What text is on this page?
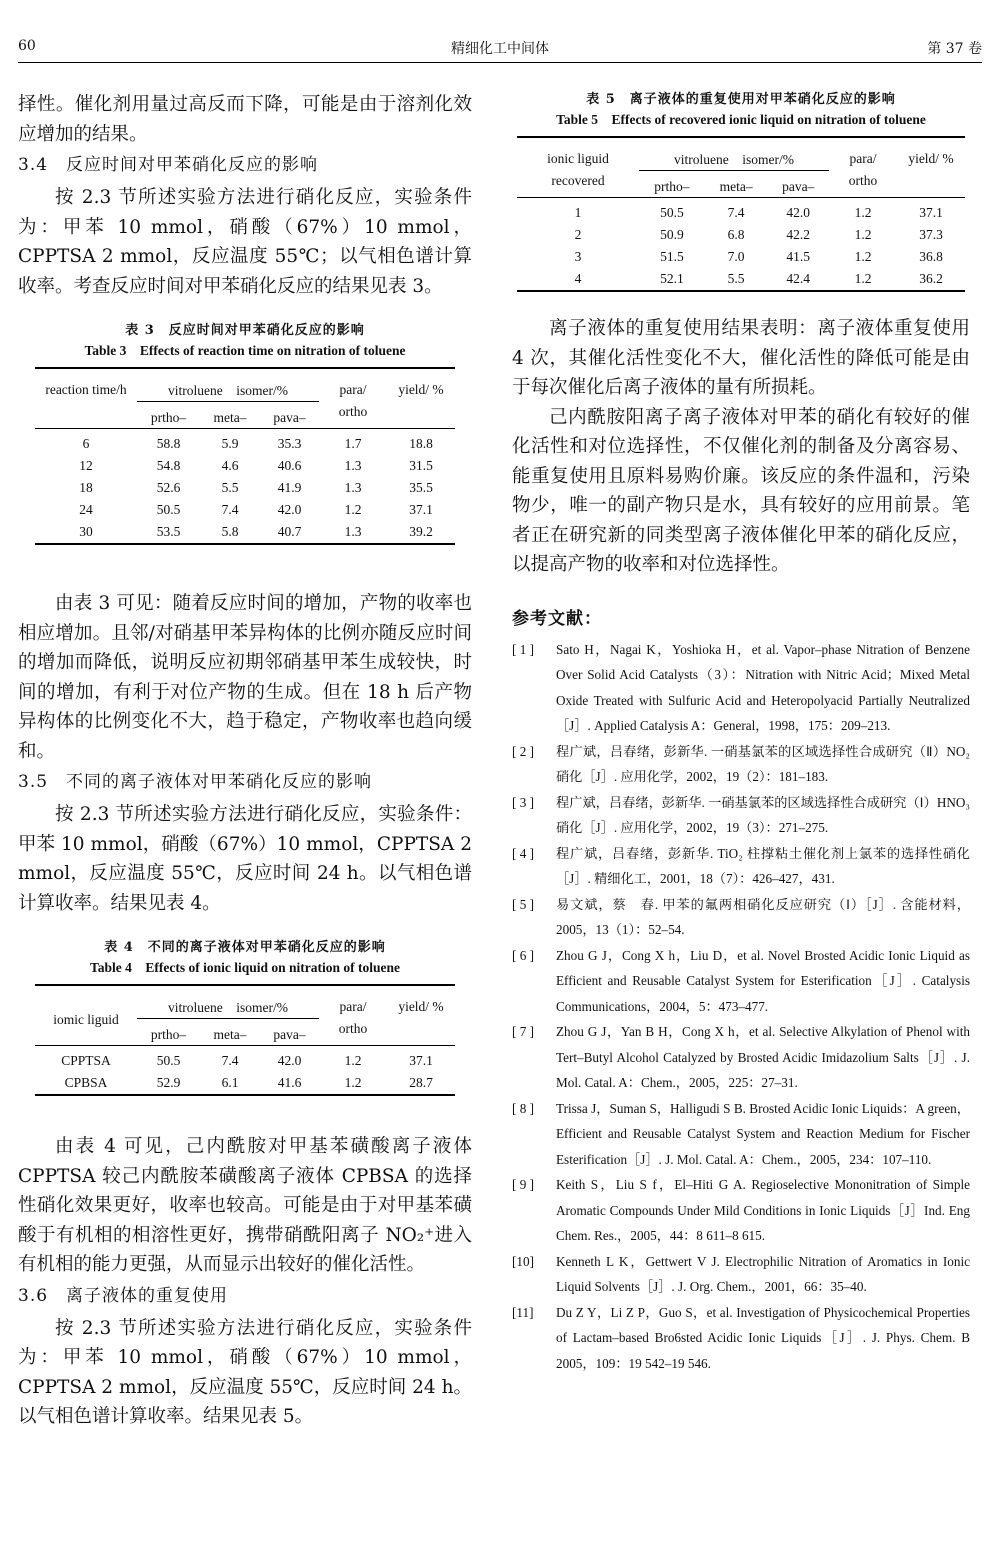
60	精细化工中间体	第 37 卷

择性。催化剂用量过高反而下降，可能是由于溶剂化效应增加的结果。

3.4　反应时间对甲苯硝化反应的影响

按 2.3 节所述实验方法进行硝化反应，实验条件为：甲苯 10 mmol，硝酸（67%）10 mmol，CPPTSA 2 mmol，反应温度 55℃；以气相色谱计算收率。考查反应时间对甲苯硝化反应的结果见表 3。

表 3　反应时间对甲苯硝化反应的影响
Table 3　Effects of reaction time on nitration of toluene
reaction time/h	vitroluene　isomer/%			para/ ortho	yield/ %
	prtho–	meta–	pava–		

6	58.8	5.9	35.3	1.7	18.8
12	54.8	4.6	40.6	1.3	31.5
18	52.6	5.5	41.9	1.3	35.5
24	50.5	7.4	42.0	1.2	37.1
30	53.5	5.8	40.7	1.3	39.2

由表 3 可见：随着反应时间的增加，产物的收率也相应增加。且邻/对硝基甲苯异构体的比例亦随反应时间的增加而降低，说明反应初期邻硝基甲苯生成较快，时间的增加，有利于对位产物的生成。但在 18 h 后产物异构体的比例变化不大，趋于稳定，产物收率也趋向缓和。

3.5　不同的离子液体对甲苯硝化反应的影响

按 2.3 节所述实验方法进行硝化反应，实验条件：甲苯 10 mmol，硝酸（67%）10 mmol，CPPTSA 2 mmol，反应温度 55℃，反应时间 24 h。以气相色谱计算收率。结果见表 4。

表 4　不同的离子液体对甲苯硝化反应的影响
Table 4　Effects of ionic liquid on nitration of toluene
iomic liguid	vitroluene　isomer/%			para/ ortho	yield/ %
	prtho–	meta–	pava–		

CPPTSA	50.5	7.4	42.0	1.2	37.1
CPBSA	52.9	6.1	41.6	1.2	28.7

由表 4 可见，己内酰胺对甲基苯磺酸离子液体 CPPTSA 较己内酰胺苯磺酸离子液体 CPBSA 的选择性硝化效果更好，收率也较高。可能是由于对甲基苯磺酸于有机相的相溶性更好，携带硝酰阳离子 NO₂⁺进入有机相的能力更强，从而显示出较好的催化活性。

3.6　离子液体的重复使用

按 2.3 节所述实验方法进行硝化反应，实验条件为：甲苯 10 mmol，硝酸（67%）10 mmol，CPPTSA 2 mmol，反应温度 55℃，反应时间 24 h。以气相色谱计算收率。结果见表 5。

表 5　离子液体的重复使用对甲苯硝化反应的影响
Table 5　Effects of recovered ionic liquid on nitration of toluene
ionic liguid recovered	vitroluene　isomer/%			para/ ortho	yield/ %
	prtho–	meta–	pava–		

1	50.5	7.4	42.0	1.2	37.1
2	50.9	6.8	42.2	1.2	37.3
3	51.5	7.0	41.5	1.2	36.8
4	52.1	5.5	42.4	1.2	36.2

离子液体的重复使用结果表明：离子液体重复使用 4 次，其催化活性变化不大，催化活性的降低可能是由于每次催化后离子液体的量有所损耗。

己内酰胺阳离子离子液体对甲苯的硝化有较好的催化活性和对位选择性，不仅催化剂的制备及分离容易、能重复使用且原料易购价廉。该反应的条件温和，污染物少，唯一的副产物只是水，具有较好的应用前景。笔者正在研究新的同类型离子液体催化甲苯的硝化反应，以提高产物的收率和对位选择性。

参考文献：
[ 1 ] Sato H，Nagai K，Yoshioka H，et al. Vapor–phase Nitration of Benzene Over Solid Acid Catalysts（3）：Nitration with Nitric Acid；Mixed Metal Oxide Treated with Sulfuric Acid and Heteropolyacid Partially Neutralized［J］. Applied Catalysis A：General，1998，175：209–213.
[ 2 ] 程广斌，吕春绪，彭新华. 一硝基氯苯的区域选择性合成研究（Ⅱ）NO₂ 硝化［J］. 应用化学，2002，19（2）：181–183.
[ 3 ] 程广斌，吕春绪，彭新华. 一硝基氯苯的区域选择性合成研究（Ⅰ）HNO₃ 硝化［J］. 应用化学，2002，19（3）：271–275.
[ 4 ] 程广斌，吕春绪，彭新华. TiO₂ 柱撑粘土催化剂上氯苯的选择性硝化［J］. 精细化工，2001，18（7）：426–427，431.
[ 5 ] 易文斌，蔡　春. 甲苯的氟两相硝化反应研究（Ⅰ）［J］. 含能材料，2005，13（1）：52–54.
[ 6 ] Zhou G J，Cong X h，Liu D，et al. Novel Brosted Acidic Ionic Liquid as Efficient and Reusable Catalyst System for Esterification［J］. Catalysis Communications，2004，5：473–477.
[ 7 ] Zhou G J，Yan B H，Cong X h，et al. Selective Alkylation of Phenol with Tert–Butyl Alcohol Catalyzed by Brosted Acidic Imidazolium Salts［J］. J. Mol. Catal. A：Chem.，2005，225：27–31.
[ 8 ] Trissa J，Suman S，Halligudi S B. Brosted Acidic Ionic Liquids：A green，Efficient and Reusable Catalyst System and Reaction Medium for Fischer Esterification［J］. J. Mol. Catal. A：Chem.，2005，234：107–110.
[ 9 ] Keith S，Liu S f，El–Hiti G A. Regioselective Mononitration of Simple Aromatic Compounds Under Mild Conditions in Ionic Liquids［J］Ind. Eng Chem. Res.，2005，44：8 611–8 615.
[10] Kenneth L K，Gettwert V J. Electrophilic Nitration of Aromatics in Ionic Liquid Solvents［J］. J. Org. Chem.，2001，66：35–40.
[11] Du Z Y，Li Z P，Guo S，et al. Investigation of Physicochemical Properties of Lactam–based Bro6sted Acidic Ionic Liquids［J］. J. Phys. Chem. B 2005，109：19 542–19 546.
